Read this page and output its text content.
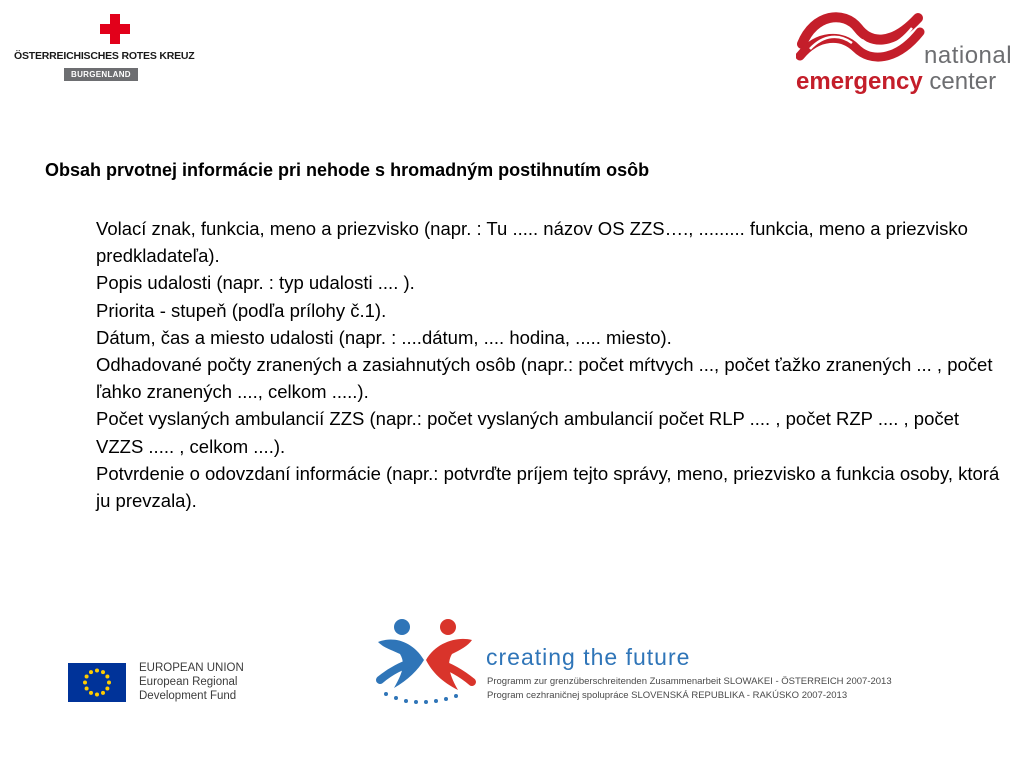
ÖSTERREICHISCHES ROTES KREUZ
BURGENLAND
national
emergency center
Obsah prvotnej informácie pri nehode s hromadným postihnutím osôb

Volací znak, funkcia, meno a priezvisko (napr. : Tu ..... názov OS ZZS…., ......... funkcia, meno a priezvisko predkladateľa).

Popis udalosti (napr. : typ udalosti .... ).

Priorita - stupeň (podľa prílohy č.1).

Dátum, čas a miesto udalosti (napr. : ....dátum, .... hodina, ..... miesto).

Odhadované počty zranených a zasiahnutých osôb (napr.: počet mŕtvych ..., počet ťažko zranených ... , počet ľahko zranených ...., celkom .....).

Počet vyslaných ambulancií ZZS (napr.: počet vyslaných ambulancií počet RLP .... , počet RZP .... , počet VZZS ..... , celkom ....).

Potvrdenie o odovzdaní informácie (napr.: potvrďte príjem tejto správy, meno, priezvisko a funkcia osoby, ktorá ju prevzala).

EUROPEAN UNION
European Regional
Development Fund
creating the future
Programm zur grenzüberschreitenden Zusammenarbeit SLOWAKEI - ÖSTERREICH 2007-2013
Program cezhraničnej spolupráce SLOVENSKÁ REPUBLIKA - RAKÚSKO 2007-2013
